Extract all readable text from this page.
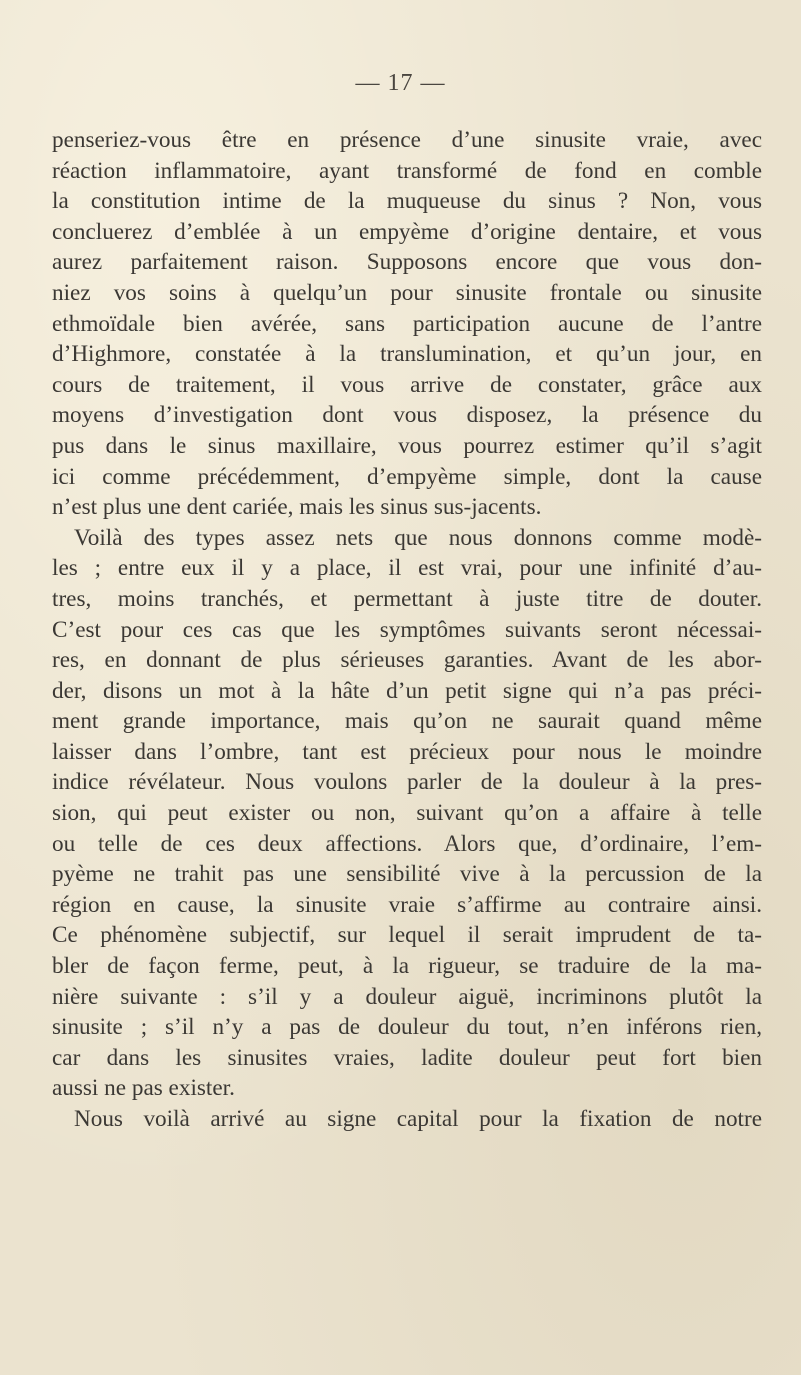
— 17 —
penseriez-vous être en présence d’une sinusite vraie, avec
réaction inflammatoire, ayant transformé de fond en comble
la constitution intime de la muqueuse du sinus ? Non, vous
concluerez d’emblée à un empyème d’origine dentaire, et vous
aurez parfaitement raison. Supposons encore que vous don-
niez vos soins à quelqu’un pour sinusite frontale ou sinusite
ethmoïdale bien avérée, sans participation aucune de l’antre
d’Highmore, constatée à la translumination, et qu’un jour, en
cours de traitement, il vous arrive de constater, grâce aux
moyens d’investigation dont vous disposez, la présence du
pus dans le sinus maxillaire, vous pourrez estimer qu’il s’agit
ici comme précédemment, d’empyème simple, dont la cause
n’est plus une dent cariée, mais les sinus sus-jacents.
Voilà des types assez nets que nous donnons comme modè-
les ; entre eux il y a place, il est vrai, pour une infinité d’au-
tres, moins tranchés, et permettant à juste titre de douter.
C’est pour ces cas que les symptômes suivants seront nécessai-
res, en donnant de plus sérieuses garanties. Avant de les abor-
der, disons un mot à la hâte d’un petit signe qui n’a pas préci-
ment grande importance, mais qu’on ne saurait quand même
laisser dans l’ombre, tant est précieux pour nous le moindre
indice révélateur. Nous voulons parler de la douleur à la pres-
sion, qui peut exister ou non, suivant qu’on a affaire à telle
ou telle de ces deux affections. Alors que, d’ordinaire, l’em-
pyème ne trahit pas une sensibilité vive à la percussion de la
région en cause, la sinusite vraie s’affirme au contraire ainsi.
Ce phénomène subjectif, sur lequel il serait imprudent de ta-
bler de façon ferme, peut, à la rigueur, se traduire de la ma-
nière suivante : s’il y a douleur aiguë, incriminons plutôt la
sinusite ; s’il n’y a pas de douleur du tout, n’en inférons rien,
car dans les sinusites vraies, ladite douleur peut fort bien
aussi ne pas exister.
Nous voilà arrivé au signe capital pour la fixation de notre
